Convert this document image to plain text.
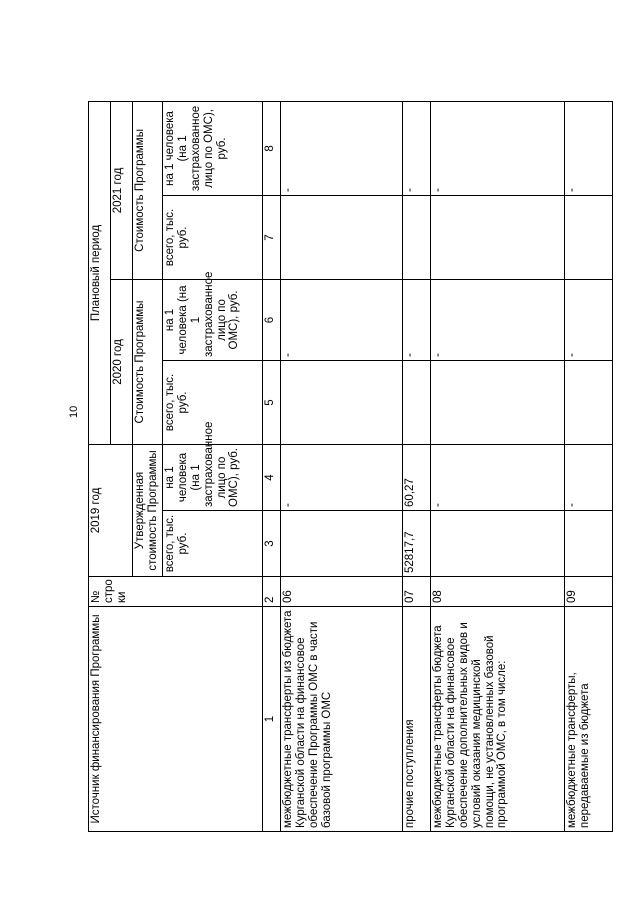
10
Источник финансирования Программы	№ стро ки	2019 год		Плановый период			
				2020 год		2021 год	
		Утвержденная стоимость Программы		Стоимость Программы		Стоимость Программы	
		всего, тыс. руб.	на 1 человека (на 1 застрахованное лицо по ОМС), руб.	всего, тыс. руб.	на 1 человека (на 1 застрахованное лицо по ОМС), руб.	всего, тыс. руб.	на 1 человека (на 1 застрахованное лицо по ОМС), руб.
1	2	3	4	5	6	7	8
межбюджетные трансферты из бюджета Курганской области на финансовое обеспечение Программы ОМС в части базовой программы ОМС	06		-		-		-
прочие поступления	07	52817,7	60,27		-		-
межбюджетные трансферты бюджета Курганской области на финансовое обеспечение дополнительных видов и условий оказания медицинской помощи, не установленных базовой программой ОМС, в том числе:	08		-		-		-
межбюджетные трансферты, передаваемые из бюджета	09		-		-		-
